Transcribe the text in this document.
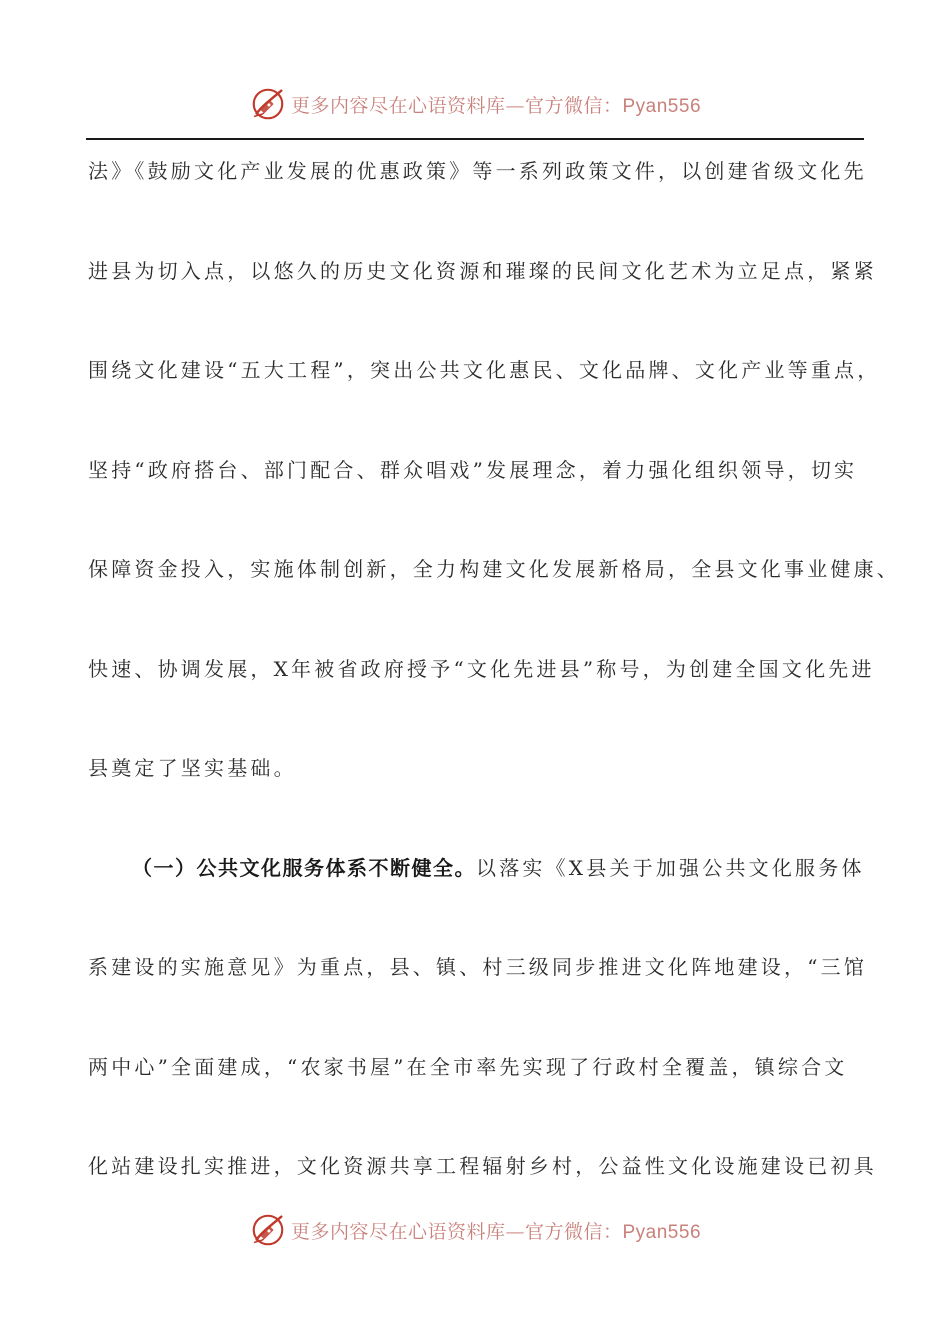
更多内容尽在心语资料库—官方微信：Pyan556
法》《鼓励文化产业发展的优惠政策》等一系列政策文件，以创建省级文化先
进县为切入点，以悠久的历史文化资源和璀璨的民间文化艺术为立足点，紧紧
围绕文化建设“五大工程”，突出公共文化惠民、文化品牌、文化产业等重点，
坚持“政府搭台、部门配合、群众唱戏”发展理念，着力强化组织领导，切实
保障资金投入，实施体制创新，全力构建文化发展新格局，全县文化事业健康、
快速、协调发展，X年被省政府授予“文化先进县”称号，为创建全国文化先进
县奠定了坚实基础。
（一）公共文化服务体系不断健全。以落实《X县关于加强公共文化服务体
系建设的实施意见》为重点，县、镇、村三级同步推进文化阵地建设，“三馆
两中心”全面建成，“农家书屋”在全市率先实现了行政村全覆盖，镇综合文
化站建设扎实推进，文化资源共享工程辐射乡村，公益性文化设施建设已初具
更多内容尽在心语资料库—官方微信：Pyan556
